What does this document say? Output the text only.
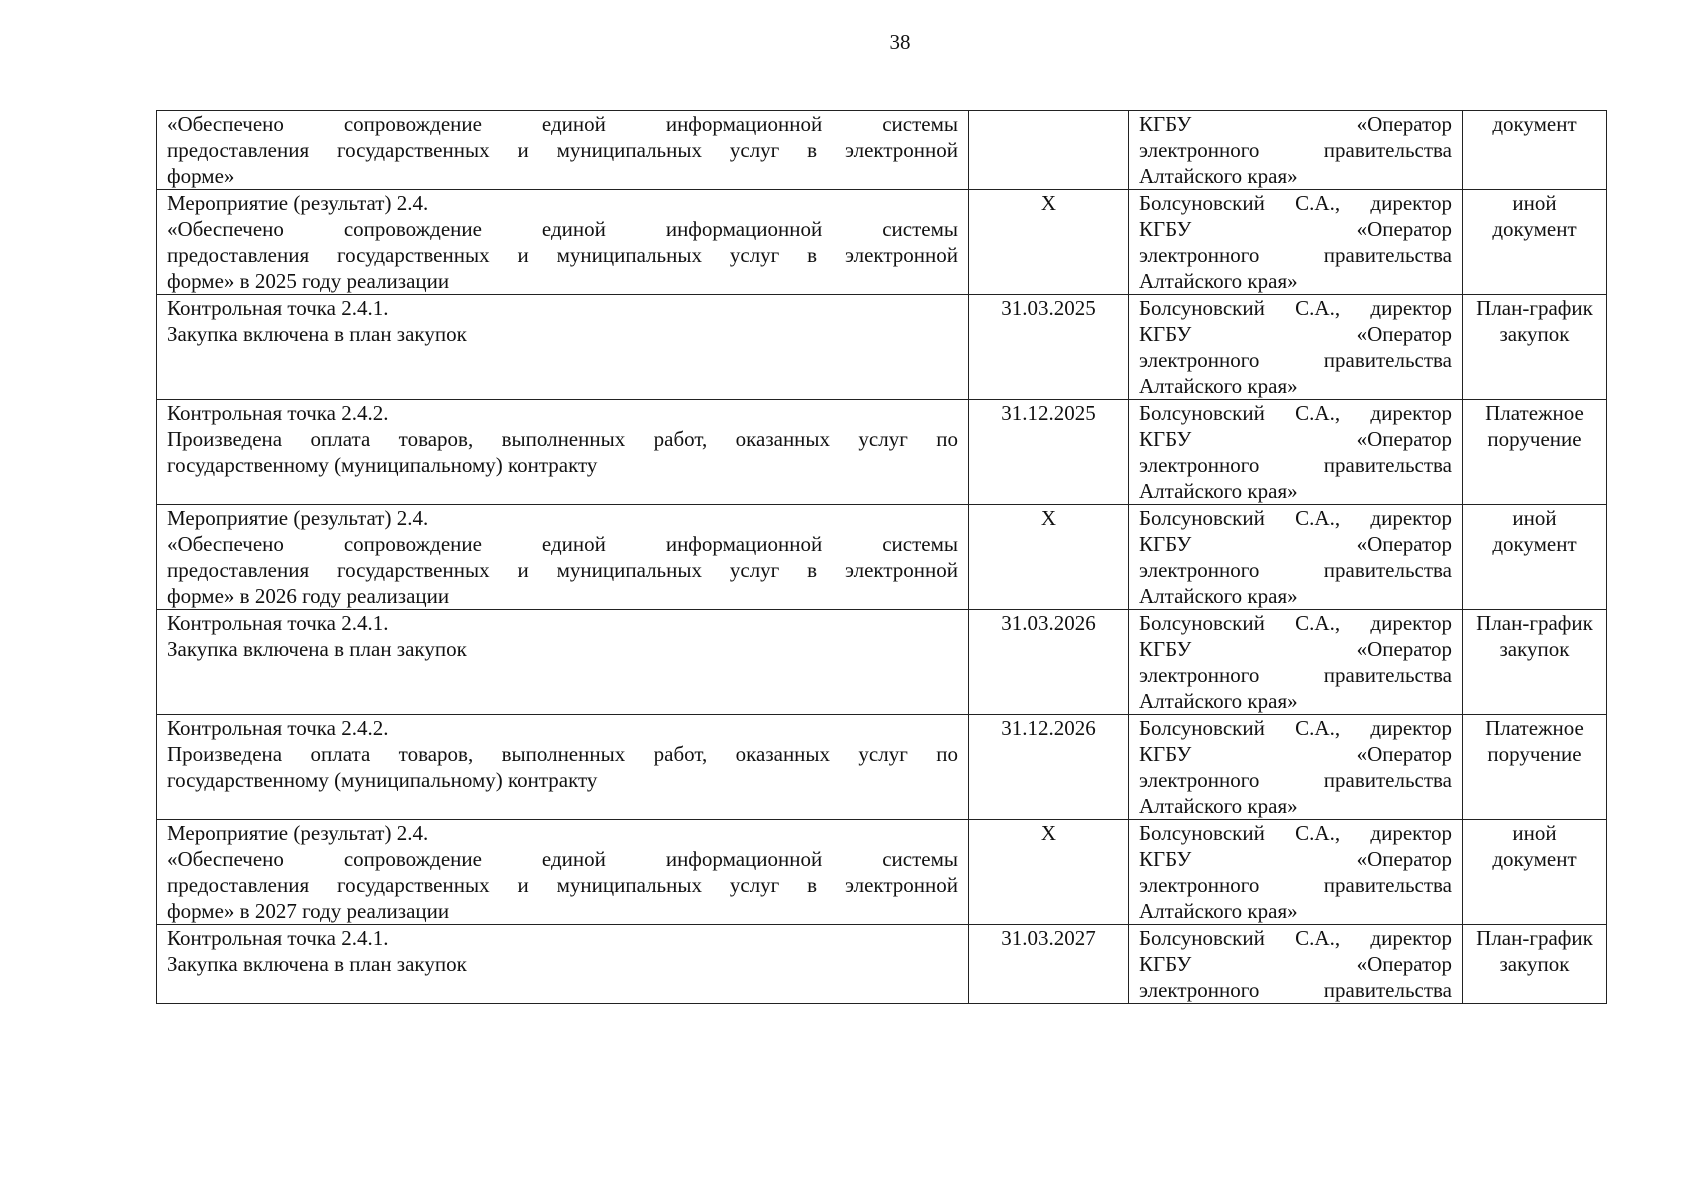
38
«Обеспечено сопровождение единой информационной системы
предоставления государственных и муниципальных услуг в электронной
форме»		КГБУ «Оператор
электронного правительства
Алтайского края»	документ

Мероприятие (результат) 2.4.
«Обеспечено сопровождение единой информационной системы
предоставления государственных и муниципальных услуг в электронной
форме» в 2025 году реализации	X	Болсуновский С.А., директор
КГБУ «Оператор
электронного правительства
Алтайского края»	иной
документ

Контрольная точка 2.4.1.
Закупка включена в план закупок	31.03.2025	Болсуновский С.А., директор
КГБУ «Оператор
электронного правительства
Алтайского края»	План-график
закупок

Контрольная точка 2.4.2.
Произведена оплата товаров, выполненных работ, оказанных услуг по
государственному (муниципальному) контракту	31.12.2025	Болсуновский С.А., директор
КГБУ «Оператор
электронного правительства
Алтайского края»	Платежное
поручение

Мероприятие (результат) 2.4.
«Обеспечено сопровождение единой информационной системы
предоставления государственных и муниципальных услуг в электронной
форме» в 2026 году реализации	X	Болсуновский С.А., директор
КГБУ «Оператор
электронного правительства
Алтайского края»	иной
документ

Контрольная точка 2.4.1.
Закупка включена в план закупок	31.03.2026	Болсуновский С.А., директор
КГБУ «Оператор
электронного правительства
Алтайского края»	План-график
закупок

Контрольная точка 2.4.2.
Произведена оплата товаров, выполненных работ, оказанных услуг по
государственному (муниципальному) контракту	31.12.2026	Болсуновский С.А., директор
КГБУ «Оператор
электронного правительства
Алтайского края»	Платежное
поручение

Мероприятие (результат) 2.4.
«Обеспечено сопровождение единой информационной системы
предоставления государственных и муниципальных услуг в электронной
форме» в 2027 году реализации	X	Болсуновский С.А., директор
КГБУ «Оператор
электронного правительства
Алтайского края»	иной
документ

Контрольная точка 2.4.1.
Закупка включена в план закупок	31.03.2027	Болсуновский С.А., директор
КГБУ «Оператор
электронного правительства	План-график
закупок
